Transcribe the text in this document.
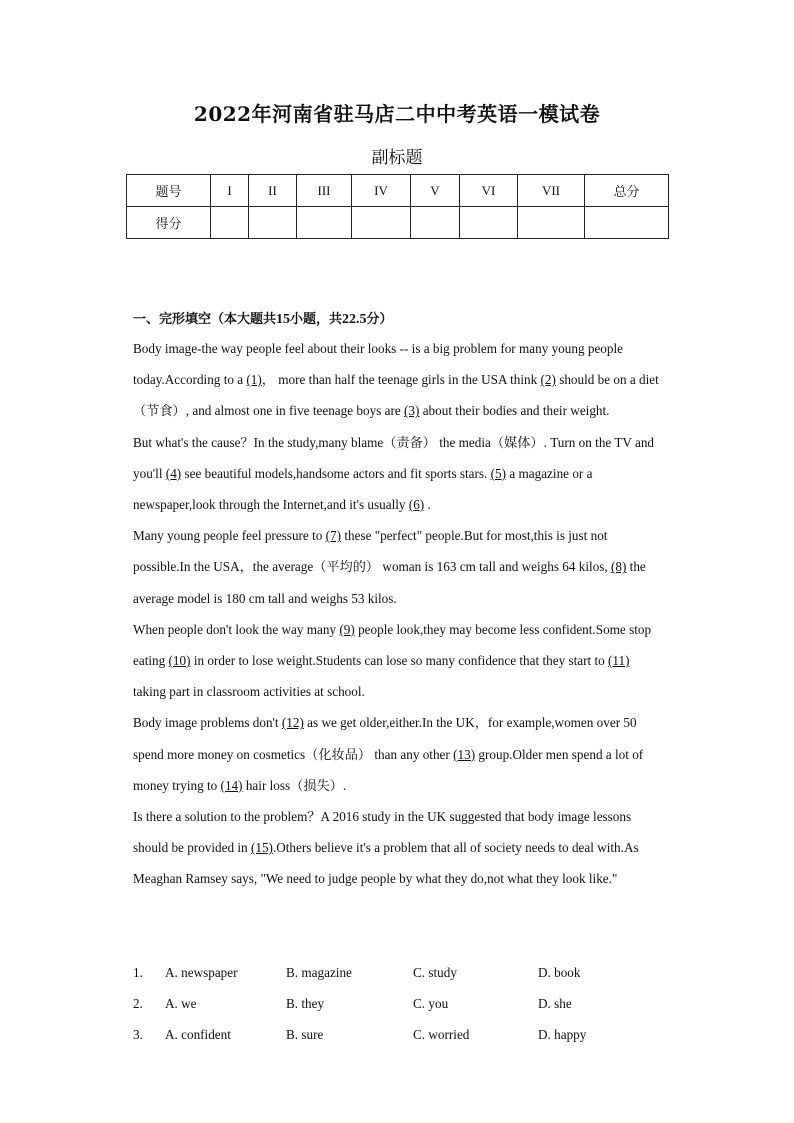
2022年河南省驻马店二中中考英语一模试卷
副标题
题号	I	II	III	IV	V	VI	VII	总分
得分								
一、完形填空（本大题共15小题，共22.5分）

Body image-the way people feel about their looks -- is a big problem for many young people today.According to a (1)， more than half the teenage girls in the USA think (2) should be on a diet（节食）, and almost one in five teenage boys are (3) about their bodies and their weight.

But what's the cause？In the study,many blame（责备） the media（媒体）. Turn on the TV and you'll (4) see beautiful models,handsome actors and fit sports stars. (5) a magazine or a newspaper,look through the Internet,and it's usually (6) .

Many young people feel pressure to (7) these "perfect" people.But for most,this is just not possible.In the USA，the average（平均的） woman is 163 cm tall and weighs 64 kilos, (8) the average model is 180 cm tall and weighs 53 kilos.

When people don't look the way many (9) people look,they may become less confident.Some stop eating (10) in order to lose weight.Students can lose so many confidence that they start to (11) taking part in classroom activities at school.

Body image problems don't (12) as we get older,either.In the UK，for example,women over 50 spend more money on cosmetics（化妆品） than any other (13) group.Older men spend a lot of money trying to (14) hair loss（损失）.

Is there a solution to the problem？A 2016 study in the UK suggested that body image lessons should be provided in (15).Others believe it's a problem that all of society needs to deal with.As Meaghan Ramsey says, "We need to judge people by what they do,not what they look like."

1. A. newspaper	B. magazine	C. study	D. book
2. A. we	B. they	C. you	D. she
3. A. confident	B. sure	C. worried	D. happy
